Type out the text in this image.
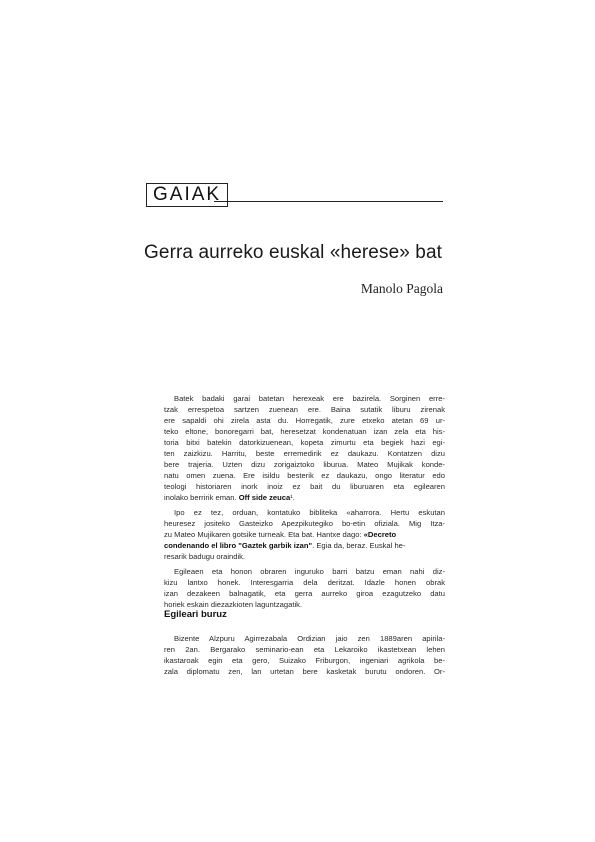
GAIAK
Gerra aurreko euskal «herese» bat
Manolo Pagola
Batek badaki garai batetan herexeak ere bazirela. Sorginen erre-
tzak errespetoa sartzen zuenean ere. Baina sutatik liburu zirenak
ere sapaldi ohi zirela asta du. Horregatik, zure etxeko atetan 69 ur-
teko eltone, bonoregarri bat, heresetzat kondenatuan izan zela eta his-
toria bitxi batekin datorkizuenean, kopeta zimurtu eta begiek hazi egi-
ten zaizkizu. Harritu, beste erremedirik ez daukazu. Kontatzen dizu
bere trajeria. Uzten dizu zorigaiztoko liburua. Mateo Mujikak konde-
natu omen zuena. Ere isildu besterik ez daukazu, ongo literatur edo
teologi historiaren inork inoiz ez bait du liburuaren eta egilearen
inolako berririk eman. Off side zeuca¹.
Ipo ez tez, orduan, kontatuko bibliteka «aharrora. Hertu eskutan
heuresez jositeko Gasteizko Apezpikutegiko bo-etin ofiziala. Mig Itza-
zu Mateo Mujikaren gotsike turneak. Eta bat. Hantxe dago: «Decreto
condenando el libro "Gaztek garbik izan". Egia da, beraz. Euskal he-
resarik badugu oraindik.
Egileaen eta honon obraren inguruko barri batzu eman nahi diz-
kizu lantxo honek. Interesgarria dela deritzat. Idazle honen obrak
izan dezakeen balnagatik, eta gerra aurreko giroa ezagutzeko datu
horiek eskain diezazkioten laguntzagatik.
Egileari buruz
Bizente Alzpuru Agirrezabala Ordizian jaio zen 1889aren apirila-
ren 2an. Bergarako seminario-ean eta Lekaroiko ikastetxean lehen
ikastaroak egin eta gero, Suizako Friburgon, ingeniari agrikola be-
zala diplomatu zen, lan urtetan bere kasketak burutu ondoren. Or-
